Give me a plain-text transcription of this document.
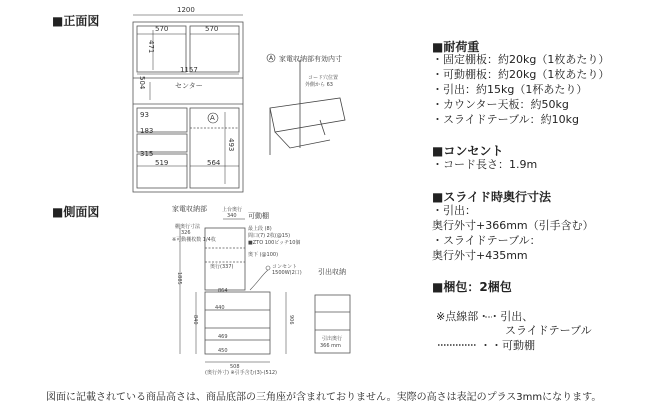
■正面図
1200
570	570
471
1157
504	センター
A
93
183
315
519	564
493
A 家電収納部有効内寸
コード穴位置
外側から 63
■側面図	家電収納部	上台奥行
340 可動棚
棚奥行寸法
326
※可動棚枚数 1/4枚
最上段 (8)
間口(7) 2枚(@15)
■ZTO 100ピッチ10個
奥下 (@100)
奥行(337)	コンセント
1500W(2口)
1885
864
440
840	906
469
450
508
(奥行外寸) ※引手含む(3)-(512)
引出収納
引出奥行
366 mm
■耐荷重
・固定棚板：約20kg（1枚あたり）
・可動棚板：約20kg（1枚あたり）
・引出：約15kg（1杯あたり）
・カウンター天板：約50kg
・スライドテーブル：約10kg
■コンセント
・コード長さ：1.9m
■スライド時奥行寸法
・引出：
奥行外寸+366mm（引手含む）
・スライドテーブル：
奥行外寸+435mm
■梱包：2梱包
※点線部・・引出、
スライドテーブル
・・可動棚
図面に記載されている商品高さは、商品底部の三角座が含まれておりません。実際の高さは表記のプラス3mmになります。
